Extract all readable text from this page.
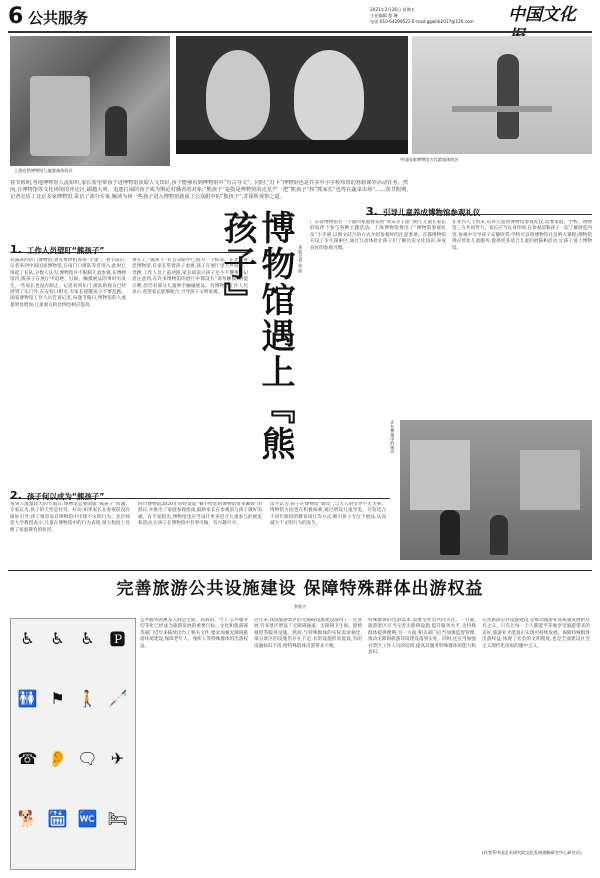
6 公共服务	2021年2月26日 星期五
主任编辑 程 琳
电话:010-64299522 E-mail:ggwhb2017@126.com 中国文化
上海自然博物馆儿童游戏体验区
中国国家博物馆古代游戏体验区
春节假期,各地博物馆人流如织,家长希望带孩子进博物馆获取人文知识,孩子能够看到博物馆中“有古导文”。同时,“打卡”博物馆也是许多中小学校布置的寒假课外活动任务。然而,在博物馆等文化场馆的评论区,刷越大叫、追逐打闹的孩子成为舆论对播者的对象;“熊孩子”是指是博物馆的克星?“一把“熊孩子”和“熊家长”也得在蔬菜市场”……春节假期,记者走访了北京多家博物馆,采访了部分专家,解读为何一些孩子进入博物馆就成了公众眼中的“熊孩子”,并探析观察之道。
博物馆遇上『熊孩子』	本报记者 张 影
1. 工作人员望盯“熊孩子”
显露孩的热门博物馆,曾先要择机查场“手递”。春节前后,记者来到中国国家博物馆,在南门口排队等待进入,此时已排起了长队,分数人认为,博物馆并不限制儿童参观,在博物馆内,熊孩子在展厅中追逐、打闹、触摸展品的事时有发生,一些家长也没有制止。记者来到东门,排队的观众已经排到了东门外,在安检口附近,有家长提醒孩子不要乱跑。国家博物馆工作人员告诉记者,每逢节假日,博物馆的人流量明显增加,儿童观众的比例也相应提高。
事实上,“熊孩子”在公众眼中已成为一个标签。在北京鲁迅博物馆,有家长带着孩子参观,孩子在展厅里大声喧哗、奔跑,工作人员上前劝阻,家长却表示孩子还小不懂事。记者注意到,在许多博物馆的展厅中都设有“请勿触摸”的提示牌,但仍有部分儿童伸手触碰展品。有博物馆工作人员表示,希望家长能够配合,引导孩子文明参观。
3. 引导儿童养成博物馆参观礼仪
广东省博物馆有一个面向家庭观众的“周末亲子游”项目,儿童在家长的陪伴下参与各种主题活动。上海博物馆推出了“博物馆参观礼仪”小手册,以图文结合的方式介绍参观时的注意事项。首都博物馆开设了少儿探索区,通过互动体验让孩子们了解历史文化知识,养成良好的参观习惯。
在业内人士看来,培养儿童的博物馆参观礼仪,需要家庭、学校、博物馆三方共同努力。家长应当以身作则,在参观前和孩子一起了解展览内容,参观中引导孩子安静欣赏;学校可以将博物馆礼仪纳入课程;博物馆则应优化儿童服务,提供更多适合儿童的展陈和活动,让孩子爱上博物馆。
正在参观中的观众
2. 孩子何以成为“熊孩子”
每到人流量较大的节假日,博物馆总要面临“熊孩子”问题。专家认为,孩子的天性是好奇、好动,如果家长在参观前没有做好引导,孩子很容易在博物馆中出现不文明行为。北京师范大学教授表示,儿童在博物馆中的行为表现,很大程度上反映了家庭教育的状况。
四川博物院2020年曾经发起“赛不给您的博物馆带来麻烦”的倡议,并推出了家庭参观指南,鼓励家长在参观前与孩子做好沟通。有专家指出,博物馆也应当设计更多适合儿童参与的展览和活动,让孩子在博物馆中有事可做、有兴趣可寻。
馆方认为,孩子在博物馆“调皮”,与大人的引导不无关系。博物馆方面也在积极探索,通过增设儿童导览、开发适合不同年龄段的教育项目等方式,吸引孩子专注于展品,从而减少不文明行为的发生。
完善旅游公共设施建设 保障特殊群体出游权益
李奕兴
♿ ♿ ♿ 🅿
🚻 ⚑ 🚶 🦯
☎ 👂 🗨 ✈
🐕 🛗 🚾 🛏
公共服务的惠及人群是全面、高效的。当下,公共服务均等化已经成为旅游发展的重要目标。文化和旅游部等部门近年来陆续出台了相关文件,要求加强无障碍旅游环境建设,保障老年人、残疾人等特殊群体的出游权益。
近年来,我国旅游景区的无障碍设施建设取得了一定进展,许多景区增设了无障碍通道、无障碍卫生间、轮椅租借等服务设施。然而,与特殊群体的实际需求相比,部分景区的设施仍存在不足,有的设施形同虚设,有的设施标识不清,给特殊群体出游带来不便。
特殊群体的出游需求,需要全社会共同关注。一方面,旅游景区应当完善无障碍设施,提升服务水平,为特殊群体提供便利;另一方面,相关部门应当加强监督管理,推动无障碍旅游环境建设落到实处。同时,还应当加强对景区工作人员的培训,提高其服务特殊群体的能力和意识。
完善旅游公共设施建设,是推动旅游业高质量发展的应有之义。只有让每一个人都能平等地享受旅游带来的美好,旅游业才能真正实现可持续发展。保障特殊群体出游权益,体现了社会的文明程度,也是全面建设社会主义现代化国家的题中之义。
(作者系中国艺术研究院文化发展战略研究中心研究员)
